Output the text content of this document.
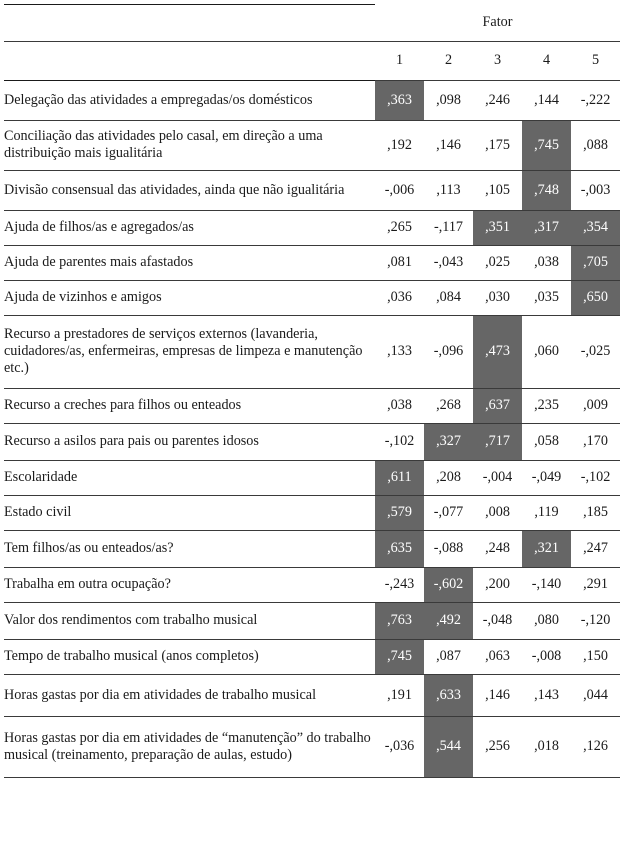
	Fator				
	1	2	3	4	5
Delegação das atividades a empregadas/os domésticos	,363	,098	,246	,144	-,222
Conciliação das atividades pelo casal, em direção a uma distribuição mais igualitária	,192	,146	,175	,745	,088
Divisão consensual das atividades, ainda que não igualitária	-,006	,113	,105	,748	-,003
Ajuda de filhos/as e agregados/as	,265	-,117	,351	,317	,354
Ajuda de parentes mais afastados	,081	-,043	,025	,038	,705
Ajuda de vizinhos e amigos	,036	,084	,030	,035	,650
Recurso a prestadores de serviços externos (lavanderia, cuidadores/as, enfermeiras, empresas de limpeza e manutenção etc.)	,133	-,096	,473	,060	-,025
Recurso a creches para filhos ou enteados	,038	,268	,637	,235	,009
Recurso a asilos para pais ou parentes idosos	-,102	,327	,717	,058	,170
Escolaridade	,611	,208	-,004	-,049	-,102
Estado civil	,579	-,077	,008	,119	,185
Tem filhos/as ou enteados/as?	,635	-,088	,248	,321	,247
Trabalha em outra ocupação?	-,243	-,602	,200	-,140	,291
Valor dos rendimentos com trabalho musical	,763	,492	-,048	,080	-,120
Tempo de trabalho musical (anos completos)	,745	,087	,063	-,008	,150
Horas gastas por dia em atividades de trabalho musical	,191	,633	,146	,143	,044
Horas gastas por dia em atividades de “manutenção” do trabalho musical (treinamento, preparação de aulas, estudo)	-,036	,544	,256	,018	,126
